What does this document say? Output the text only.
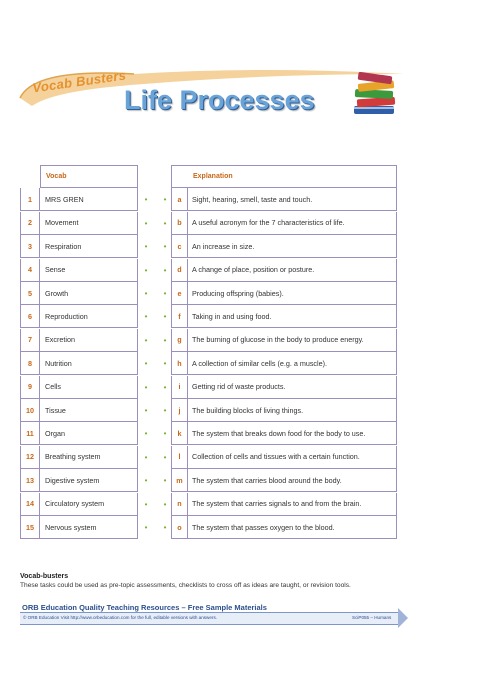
Vocab Busters
Life Processes
Vocab	Explanation
1	MRS GREN	•	•	a	Sight, hearing, smell, taste and touch.
2	Movement	•	•	b	A useful acronym for the 7 characteristics of life.
3	Respiration	•	•	c	An increase in size.
4	Sense	•	•	d	A change of place, position or posture.
5	Growth	•	•	e	Producing offspring (babies).
6	Reproduction	•	•	f	Taking in and using food.
7	Excretion	•	•	g	The burning of glucose in the body to produce energy.
8	Nutrition	•	•	h	A collection of similar cells (e.g. a muscle).
9	Cells	•	•	i	Getting rid of waste products.
10	Tissue	•	•	j	The building blocks of living things.
11	Organ	•	•	k	The system that breaks down food for the body to use.
12	Breathing system	•	•	l	Collection of cells and tissues with a certain function.
13	Digestive system	•	•	m	The system that carries blood around the body.
14	Circulatory system	•	•	n	The system that carries signals to and from the brain.
15	Nervous system	•	•	o	The system that passes oxygen to the blood.
Vocab-busters
These tasks could be used as pre-topic assessments, checklists to cross off as ideas are taught, or revision tools.
ORB Education Quality Teaching Resources – Free Sample Materials
© ORB Education Visit http://www.orbeducation.com for the full, editable versions with answers.	SciP055 – Humans
